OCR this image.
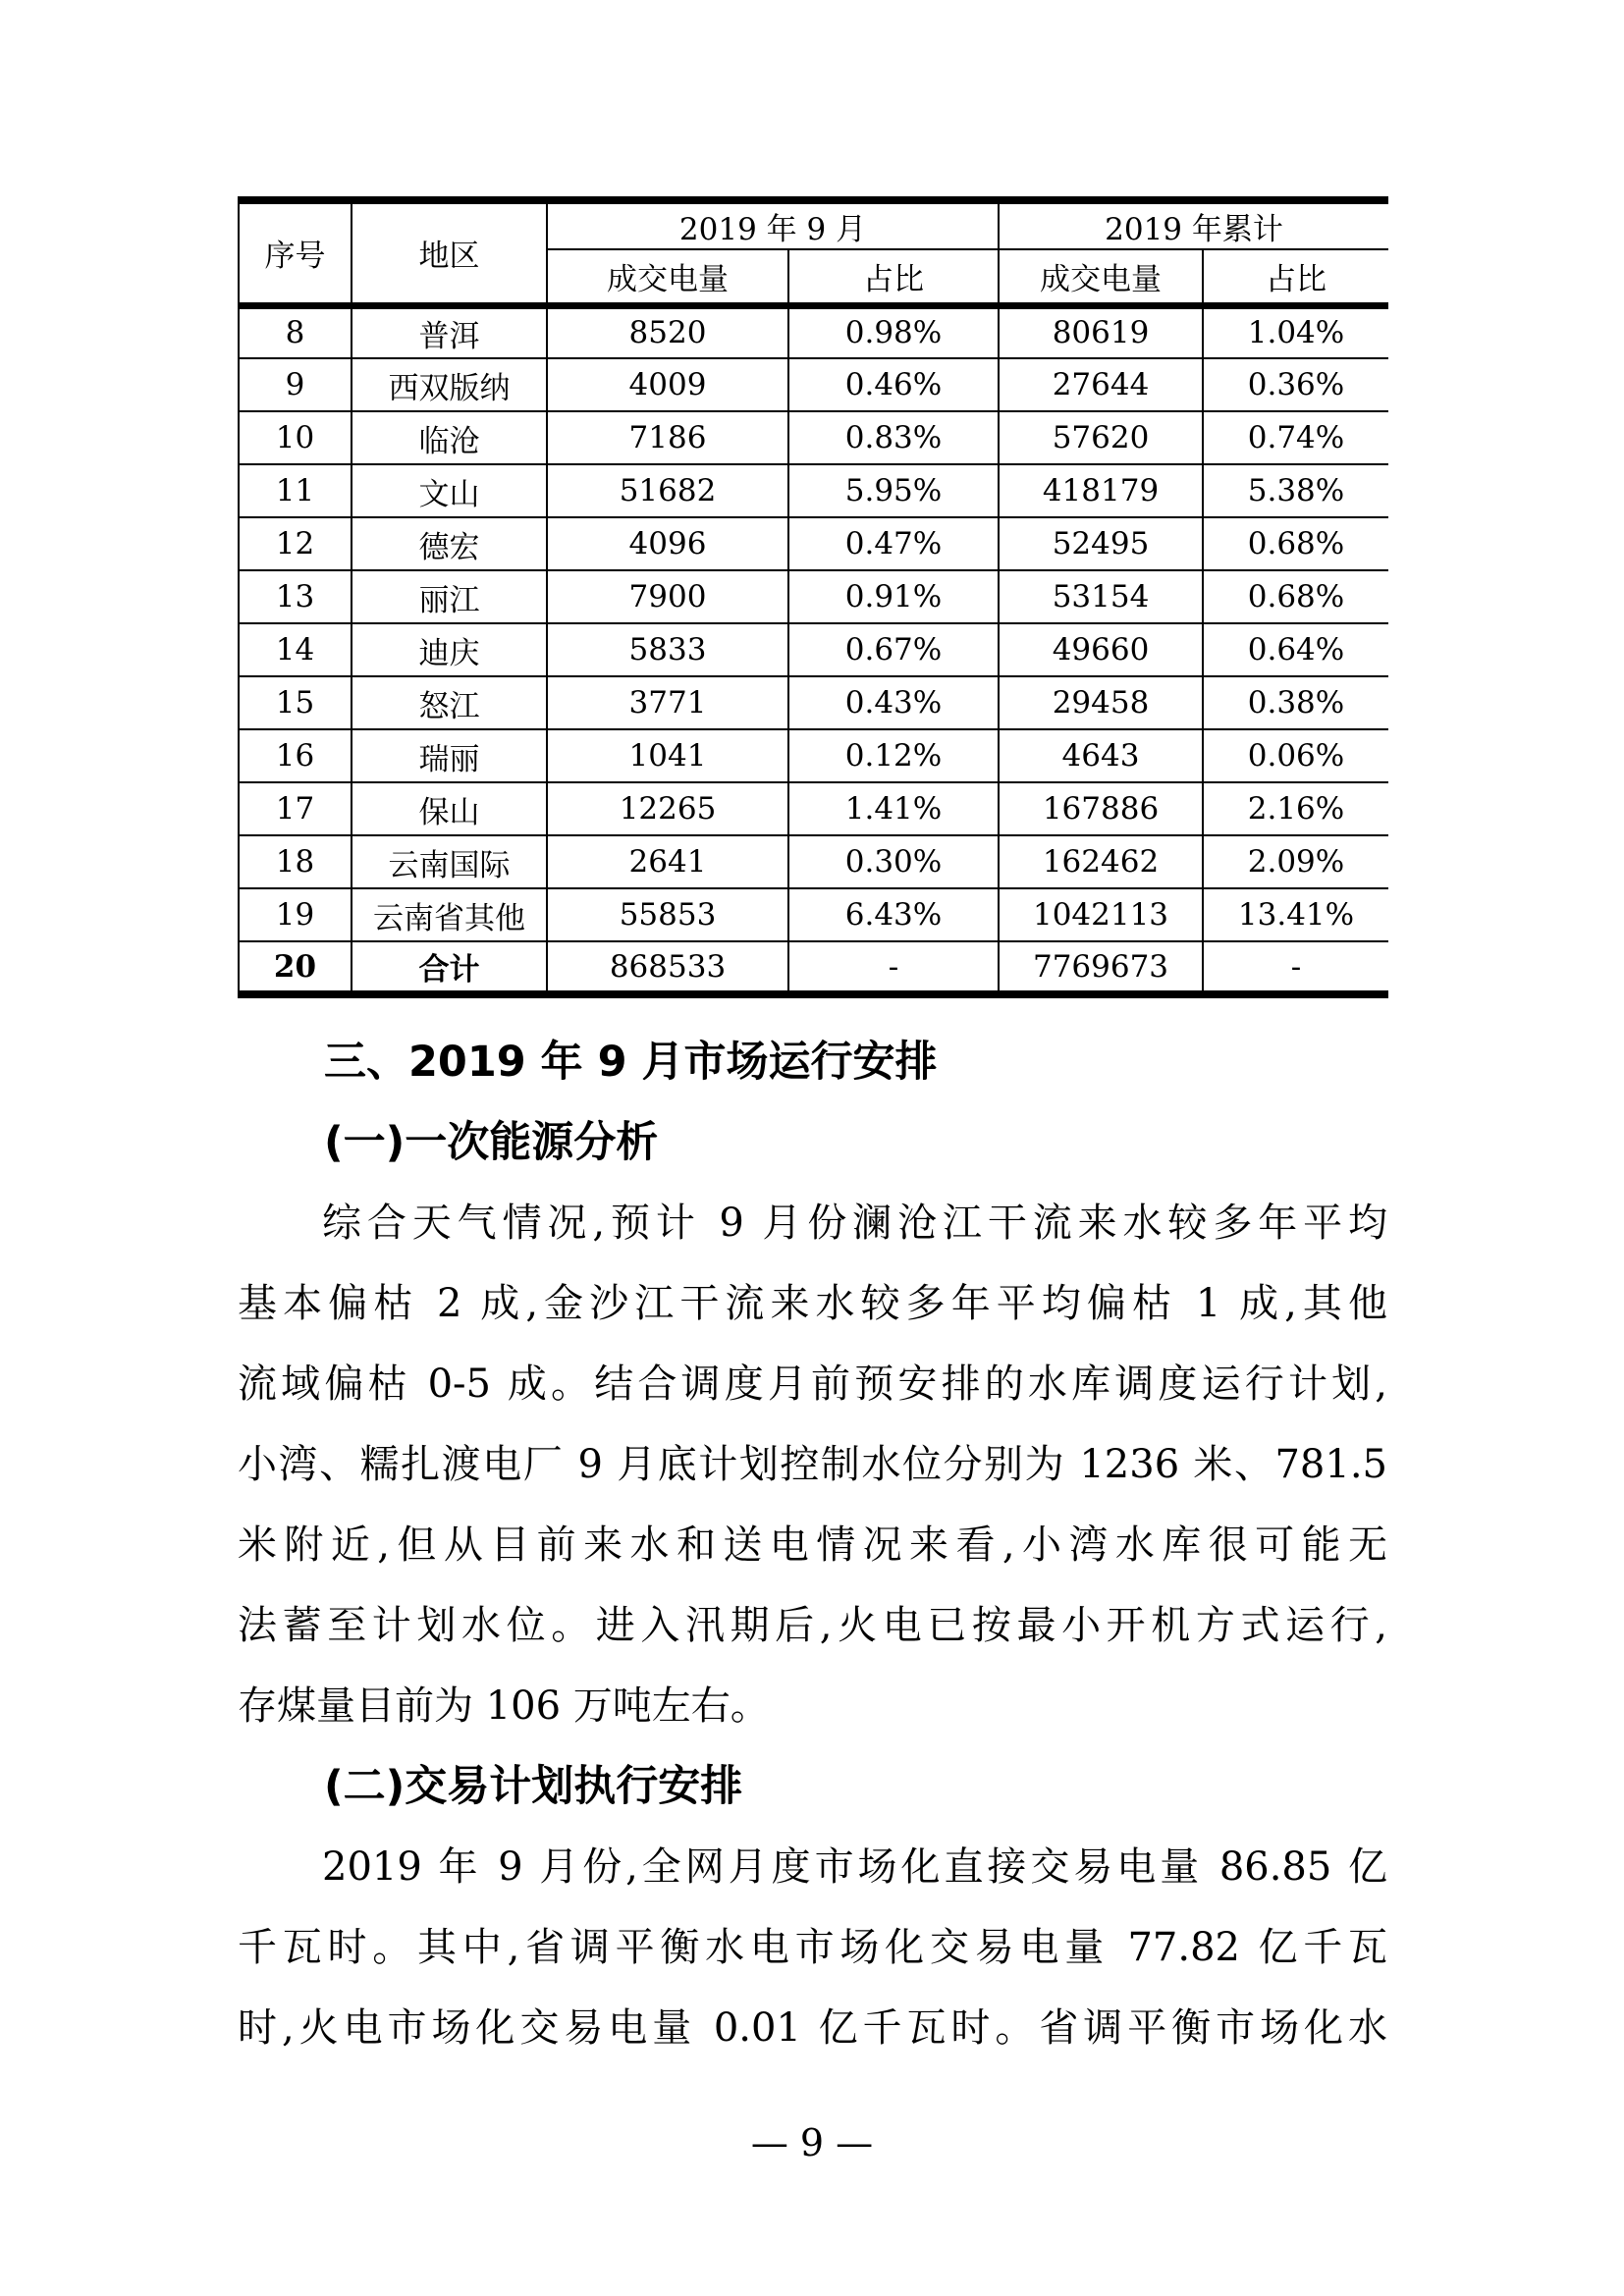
序号	地区	2019 年 9 月		2019 年累计	
		成交电量	占比	成交电量	占比
8	普洱	8520	0.98%	80619	1.04%
9	西双版纳	4009	0.46%	27644	0.36%
10	临沧	7186	0.83%	57620	0.74%
11	文山	51682	5.95%	418179	5.38%
12	德宏	4096	0.47%	52495	0.68%
13	丽江	7900	0.91%	53154	0.68%
14	迪庆	5833	0.67%	49660	0.64%
15	怒江	3771	0.43%	29458	0.38%
16	瑞丽	1041	0.12%	4643	0.06%
17	保山	12265	1.41%	167886	2.16%
18	云南国际	2641	0.30%	162462	2.09%
19	云南省其他	55853	6.43%	1042113	13.41%
20	合计	868533	-	7769673	-
三、2019 年 9 月市场运行安排
(一)一次能源分析
综合天气情况,预计 9 月份澜沧江干流来水较多年平均
基本偏枯 2 成,金沙江干流来水较多年平均偏枯 1 成,其他
流域偏枯 0-5 成。结合调度月前预安排的水库调度运行计划,
小湾、糯扎渡电厂 9 月底计划控制水位分别为 1236 米、781.5
米附近,但从目前来水和送电情况来看,小湾水库很可能无
法蓄至计划水位。进入汛期后,火电已按最小开机方式运行,
存煤量目前为 106 万吨左右。
(二)交易计划执行安排
2019 年 9 月份,全网月度市场化直接交易电量 86.85 亿
千瓦时。其中,省调平衡水电市场化交易电量 77.82 亿千瓦
时,火电市场化交易电量 0.01 亿千瓦时。省调平衡市场化水
— 9 —
